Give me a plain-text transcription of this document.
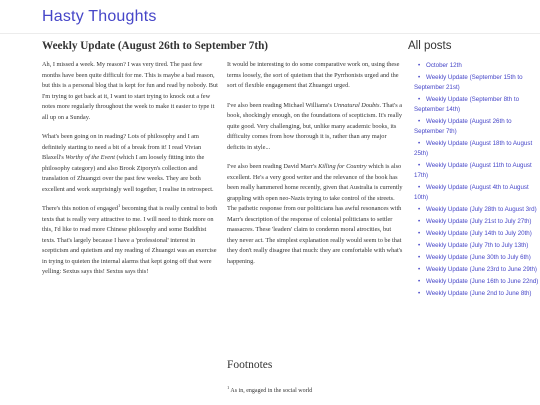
Hasty Thoughts
Weekly Update (August 26th to September 7th)

Ah, I missed a week. My reason? I was very tired. The past few months have been quite difficult for me. This is maybe a bad reason, but this is a personal blog that is kept for fun and read by nobody. But I'm trying to get back at it, I want to start trying to knock out a few notes more regularly throughout the week to make it easier to type it all up on a Sunday.

What's been going on in reading? Lots of philosophy and I am definitely starting to need a bit of a break from it! I read Vivian Blaxell's Worthy of the Event (which I am loosely fitting into the philosophy category) and also Brook Ziporyn's collection and translation of Zhuangzi over the past few weeks. They are both excellent and work surprisingly well together, I realise in retrospect.

There's this notion of engaged$^1$ becoming that is really central to both texts that is really very attractive to me. I will need to think more on this, I'd like to read more Chinese philosophy and some Buddhist texts. That's largely because I have a 'professional' interest in scepticism and quietism and my reading of Zhuangzi was an exercise in trying to quieten the internal alarms that kept going off that were yelling: Sextus says this! Sextus says this!

It would be interesting to do some comparative work on, using these terms loosely, the sort of quietism that the Pyrrhonists urged and the sort of flexible engagement that Zhuangzi urged.

I've also been reading Michael Williams's Unnatural Doubts. That's a book, shockingly enough, on the foundations of scepticism. It's really quite good. Very challenging, but, unlike many academic books, its difficulty comes from how thorough it is, rather than any major deficits in style...

I've also been reading David Marr's Killing for Country which is also excellent. He's a very good writer and the relevance of the book has been really hammered home recently, given that Australia is currently grappling with open neo-Nazis trying to take control of the streets. The pathetic response from our politicians has awful resonances with Marr's description of the response of colonial politicians to settler massacres. These 'leaders' claim to condemn moral atrocities, but they never act. The simplest explanation really would seem to be that they don't really disagree that much: they are comfortable with what's happening.

Footnotes
$^1$ As in, engaged in the social world
All posts
• October 12th
• Weekly Update (September 15th to September 21st)
• Weekly Update (September 8th to September 14th)
• Weekly Update (August 26th to September 7th)
• Weekly Update (August 18th to August 25th)
• Weekly Update (August 11th to August 17th)
• Weekly Update (August 4th to August 10th)
• Weekly Update (July 28th to August 3rd)
• Weekly Update (July 21st to July 27th)
• Weekly Update (July 14th to July 20th)
• Weekly Update (July 7th to July 13th)
• Weekly Update (June 30th to July 6th)
• Weekly Update (June 23rd to June 29th)
• Weekly Update (June 16th to June 22nd)
• Weekly Update (June 2nd to June 8th)
